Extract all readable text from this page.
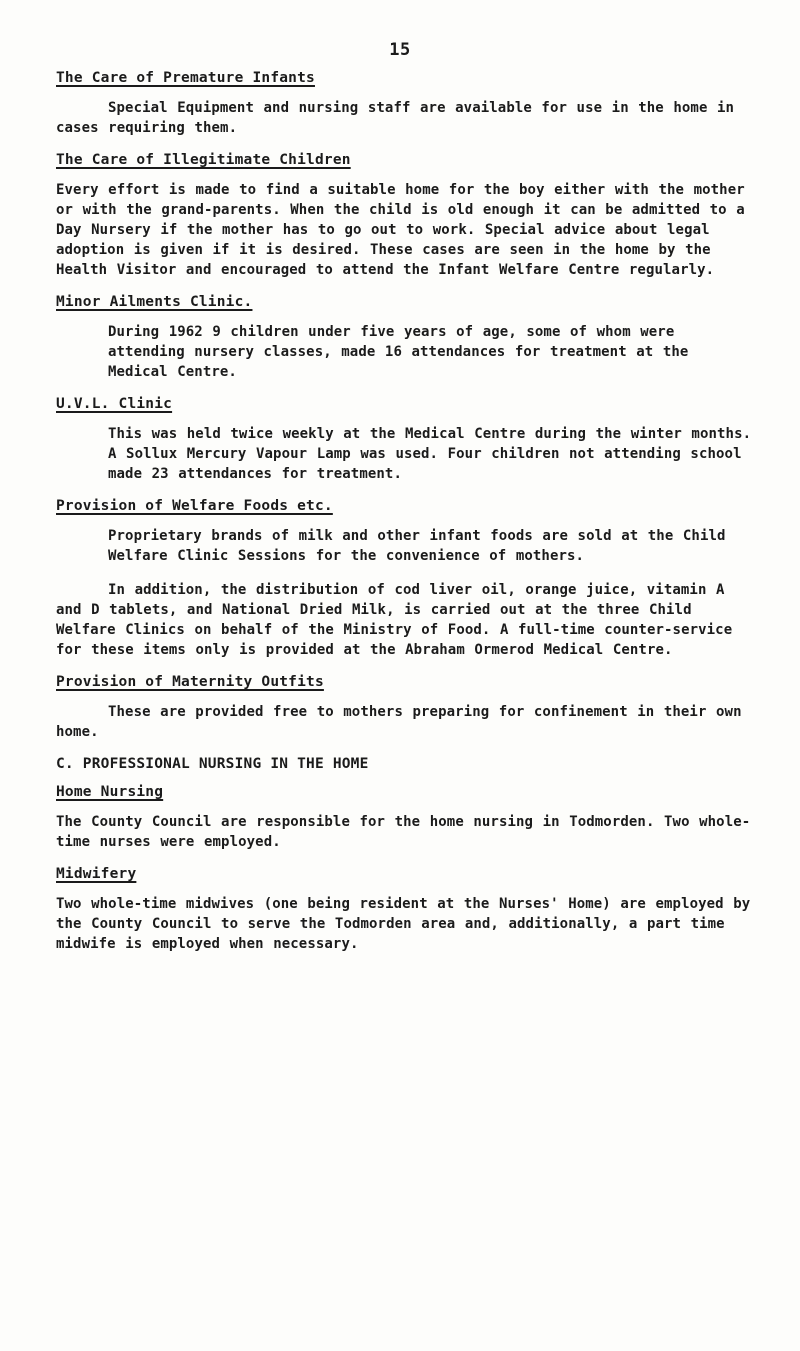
15
The Care of Premature Infants
Special Equipment and nursing staff are available for use in the home in cases requiring them.
The Care of Illegitimate Children
Every effort is made to find a suitable home for the boy either with the mother or with the grand-parents. When the child is old enough it can be admitted to a Day Nursery if the mother has to go out to work. Special advice about legal adoption is given if it is desired. These cases are seen in the home by the Health Visitor and encouraged to attend the Infant Welfare Centre regularly.
Minor Ailments Clinic.
During 1962 9 children under five years of age, some of whom were attending nursery classes, made 16 attendances for treatment at the Medical Centre.
U.V.L. Clinic
This was held twice weekly at the Medical Centre during the winter months. A Sollux Mercury Vapour Lamp was used. Four children not attending school made 23 attendances for treatment.
Provision of Welfare Foods etc.
Proprietary brands of milk and other infant foods are sold at the Child Welfare Clinic Sessions for the convenience of mothers.
In addition, the distribution of cod liver oil, orange juice, vitamin A and D tablets, and National Dried Milk, is carried out at the three Child Welfare Clinics on behalf of the Ministry of Food. A full-time counter-service for these items only is provided at the Abraham Ormerod Medical Centre.
Provision of Maternity Outfits
These are provided free to mothers preparing for confinement in their own home.
C. PROFESSIONAL NURSING IN THE HOME
Home Nursing
The County Council are responsible for the home nursing in Todmorden. Two whole-time nurses were employed.
Midwifery
Two whole-time midwives (one being resident at the Nurses' Home) are employed by the County Council to serve the Todmorden area and, additionally, a part time midwife is employed when necessary.
